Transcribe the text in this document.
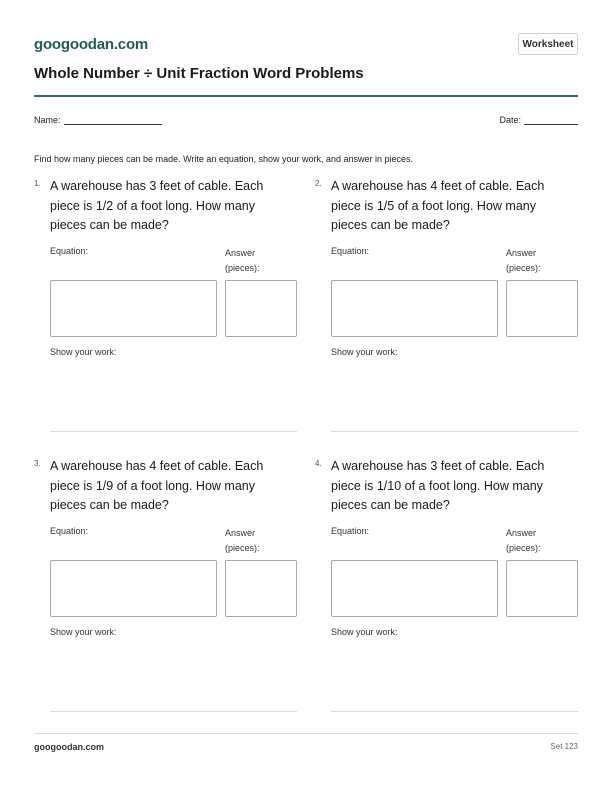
googoodan.com	Worksheet
Whole Number ÷ Unit Fraction Word Problems
Name:	Date:
Find how many pieces can be made. Write an equation, show your work, and answer in pieces.
1. A warehouse has 3 feet of cable. Each piece is 1/2 of a foot long. How many pieces can be made?
Equation:	Answer
(pieces):
Show your work:
2. A warehouse has 4 feet of cable. Each piece is 1/5 of a foot long. How many pieces can be made?
Equation:	Answer
(pieces):
Show your work:
3. A warehouse has 4 feet of cable. Each piece is 1/9 of a foot long. How many pieces can be made?
Equation:	Answer
(pieces):
Show your work:
4. A warehouse has 3 feet of cable. Each piece is 1/10 of a foot long. How many pieces can be made?
Equation:	Answer
(pieces):
Show your work:
googoodan.com	Set 123
